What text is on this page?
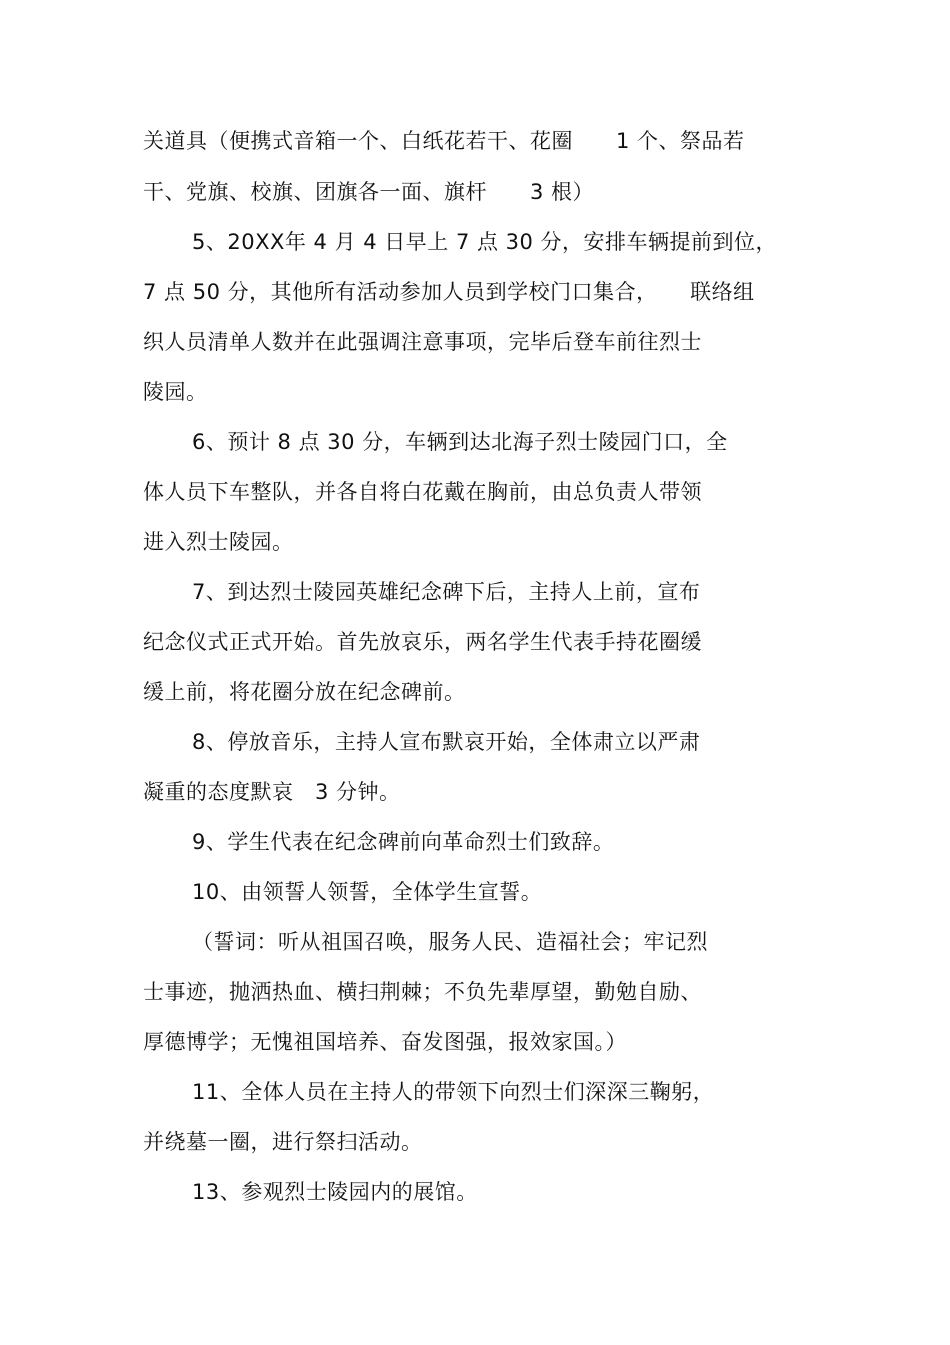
关道具（便携式音箱一个、白纸花若干、花圈　　1 个、祭品若
干、党旗、校旗、团旗各一面、旗杆　　3 根）
5、20XX年 4 月 4 日早上 7 点 30 分，安排车辆提前到位，
7 点 50 分，其他所有活动参加人员到学校门口集合，　　联络组
织人员清单人数并在此强调注意事项，完毕后登车前往烈士
陵园。
6、预计 8 点 30 分，车辆到达北海子烈士陵园门口，全
体人员下车整队，并各自将白花戴在胸前，由总负责人带领
进入烈士陵园。
7、到达烈士陵园英雄纪念碑下后，主持人上前，宣布
纪念仪式正式开始。首先放哀乐，两名学生代表手持花圈缓
缓上前，将花圈分放在纪念碑前。
8、停放音乐，主持人宣布默哀开始，全体肃立以严肃
凝重的态度默哀　3 分钟。
9、学生代表在纪念碑前向革命烈士们致辞。
10、由领誓人领誓，全体学生宣誓。
（誓词：听从祖国召唤，服务人民、造福社会；牢记烈
士事迹，抛洒热血、横扫荆棘；不负先辈厚望，勤勉自励、
厚德博学；无愧祖国培养、奋发图强，报效家国。）
11、全体人员在主持人的带领下向烈士们深深三鞠躬，
并绕墓一圈，进行祭扫活动。
13、参观烈士陵园内的展馆。
